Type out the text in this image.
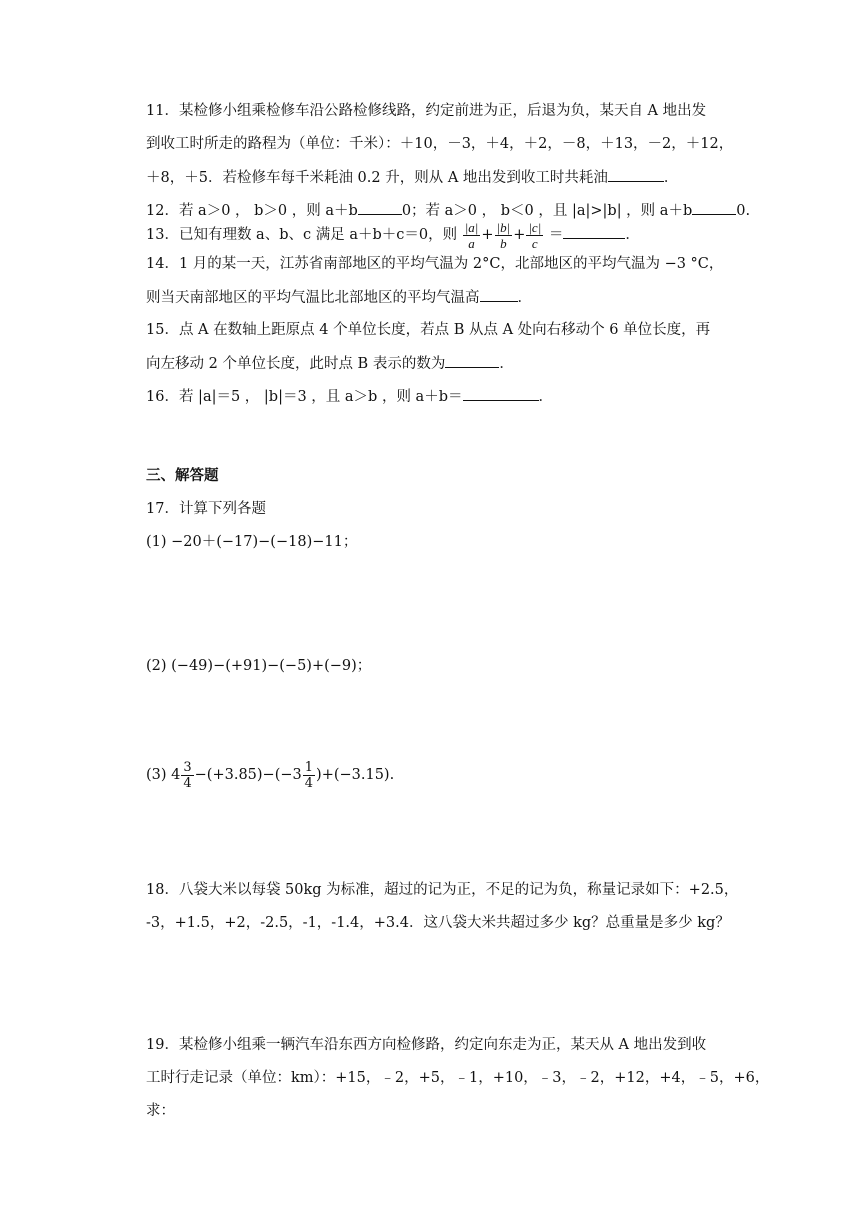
11．某检修小组乘检修车沿公路检修线路，约定前进为正，后退为负，某天自 A 地出发
到收工时所走的路程为（单位：千米）：＋10，－3，＋4，＋2，－8，＋13，－2，＋12，
＋8，＋5．若检修车每千米耗油 0.2 升，则从 A 地出发到收工时共耗油	．
12．若 a＞0 ， b＞0 ，则 a＋b	0；若 a＞0 ， b＜0 ，且 |a|>|b| ，则 a＋b	0.
13．已知有理数 a、b、c 满足 a＋b＋c＝0，则 $\frac{|a|}{a} + \frac{|b|}{b} + \frac{|c|}{c}$ ＝	．
14．1 月的某一天，江苏省南部地区的平均气温为 2°C，北部地区的平均气温为 −3 °C，
则当天南部地区的平均气温比北部地区的平均气温高	．
15．点 A 在数轴上距原点 4 个单位长度，若点 B 从点 A 处向右移动个 6 单位长度，再
向左移动 2 个单位长度，此时点 B 表示的数为	．
16．若 |a|＝5 ， |b|＝3 ，且 a＞b ，则 a＋b＝	．
三、解答题
17．计算下列各题
(1) −20＋(−17)−(−18)−11；
(2) (−49)−(+91)−(−5)+(−9)；
(3) $4 \frac{3}{4} -(+3.85)-(-3 \frac{1}{4} )+(-3.15)$.
18．八袋大米以每袋 50kg 为标准，超过的记为正，不足的记为负，称量记录如下：+2.5，
-3，+1.5，+2，-2.5，-1，-1.4，+3.4．这八袋大米共超过多少 kg？总重量是多少 kg？
19．某检修小组乘一辆汽车沿东西方向检修路，约定向东走为正，某天从 A 地出发到收
工时行走记录（单位：km）：+15，﹣2，+5，﹣1，+10，﹣3，﹣2，+12，+4，﹣5，+6，
求：
